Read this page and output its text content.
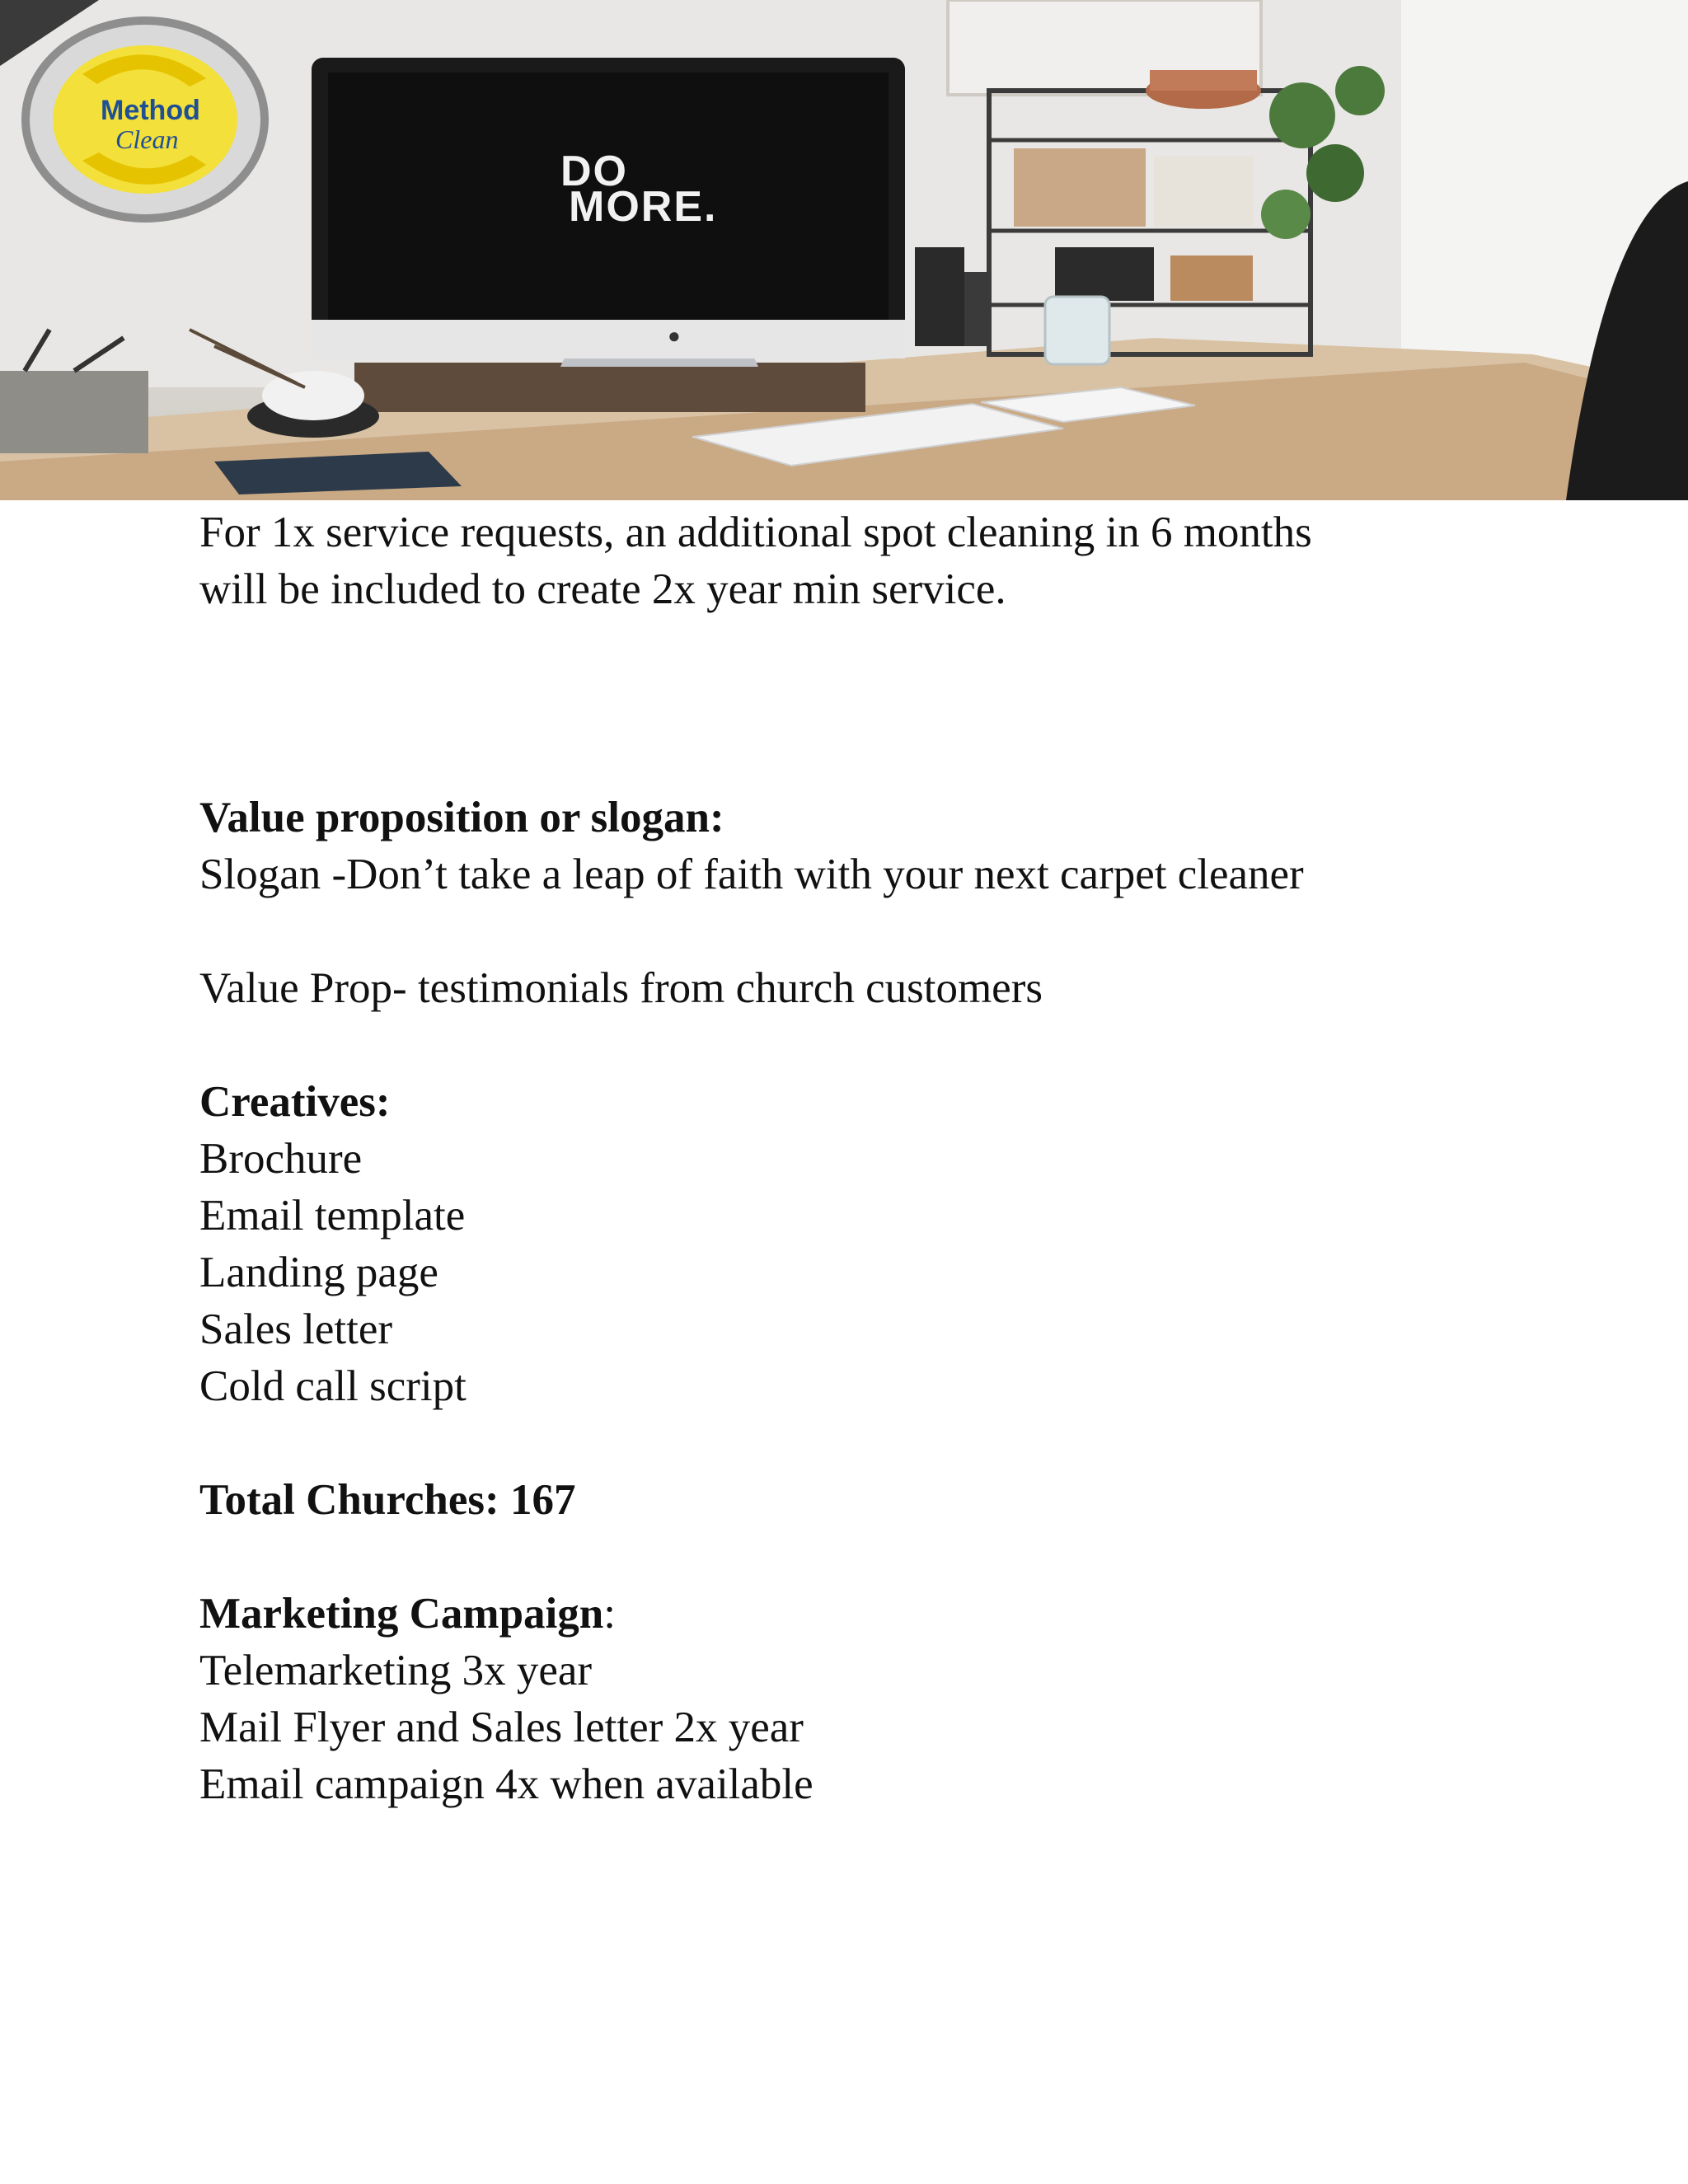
●
DO
MORE.
Method
Clean

For 1x service requests, an additional spot cleaning in 6 months

will be included to create 2x year min service.

Value proposition or slogan:

Slogan -Don’t take a leap of faith with your next carpet cleaner

Value Prop- testimonials from church customers

Creatives:

Brochure

Email template

Landing page

Sales letter

Cold call script

Total Churches: 167

Marketing Campaign:

Telemarketing 3x year

Mail Flyer and Sales letter 2x year

Email campaign 4x when available
